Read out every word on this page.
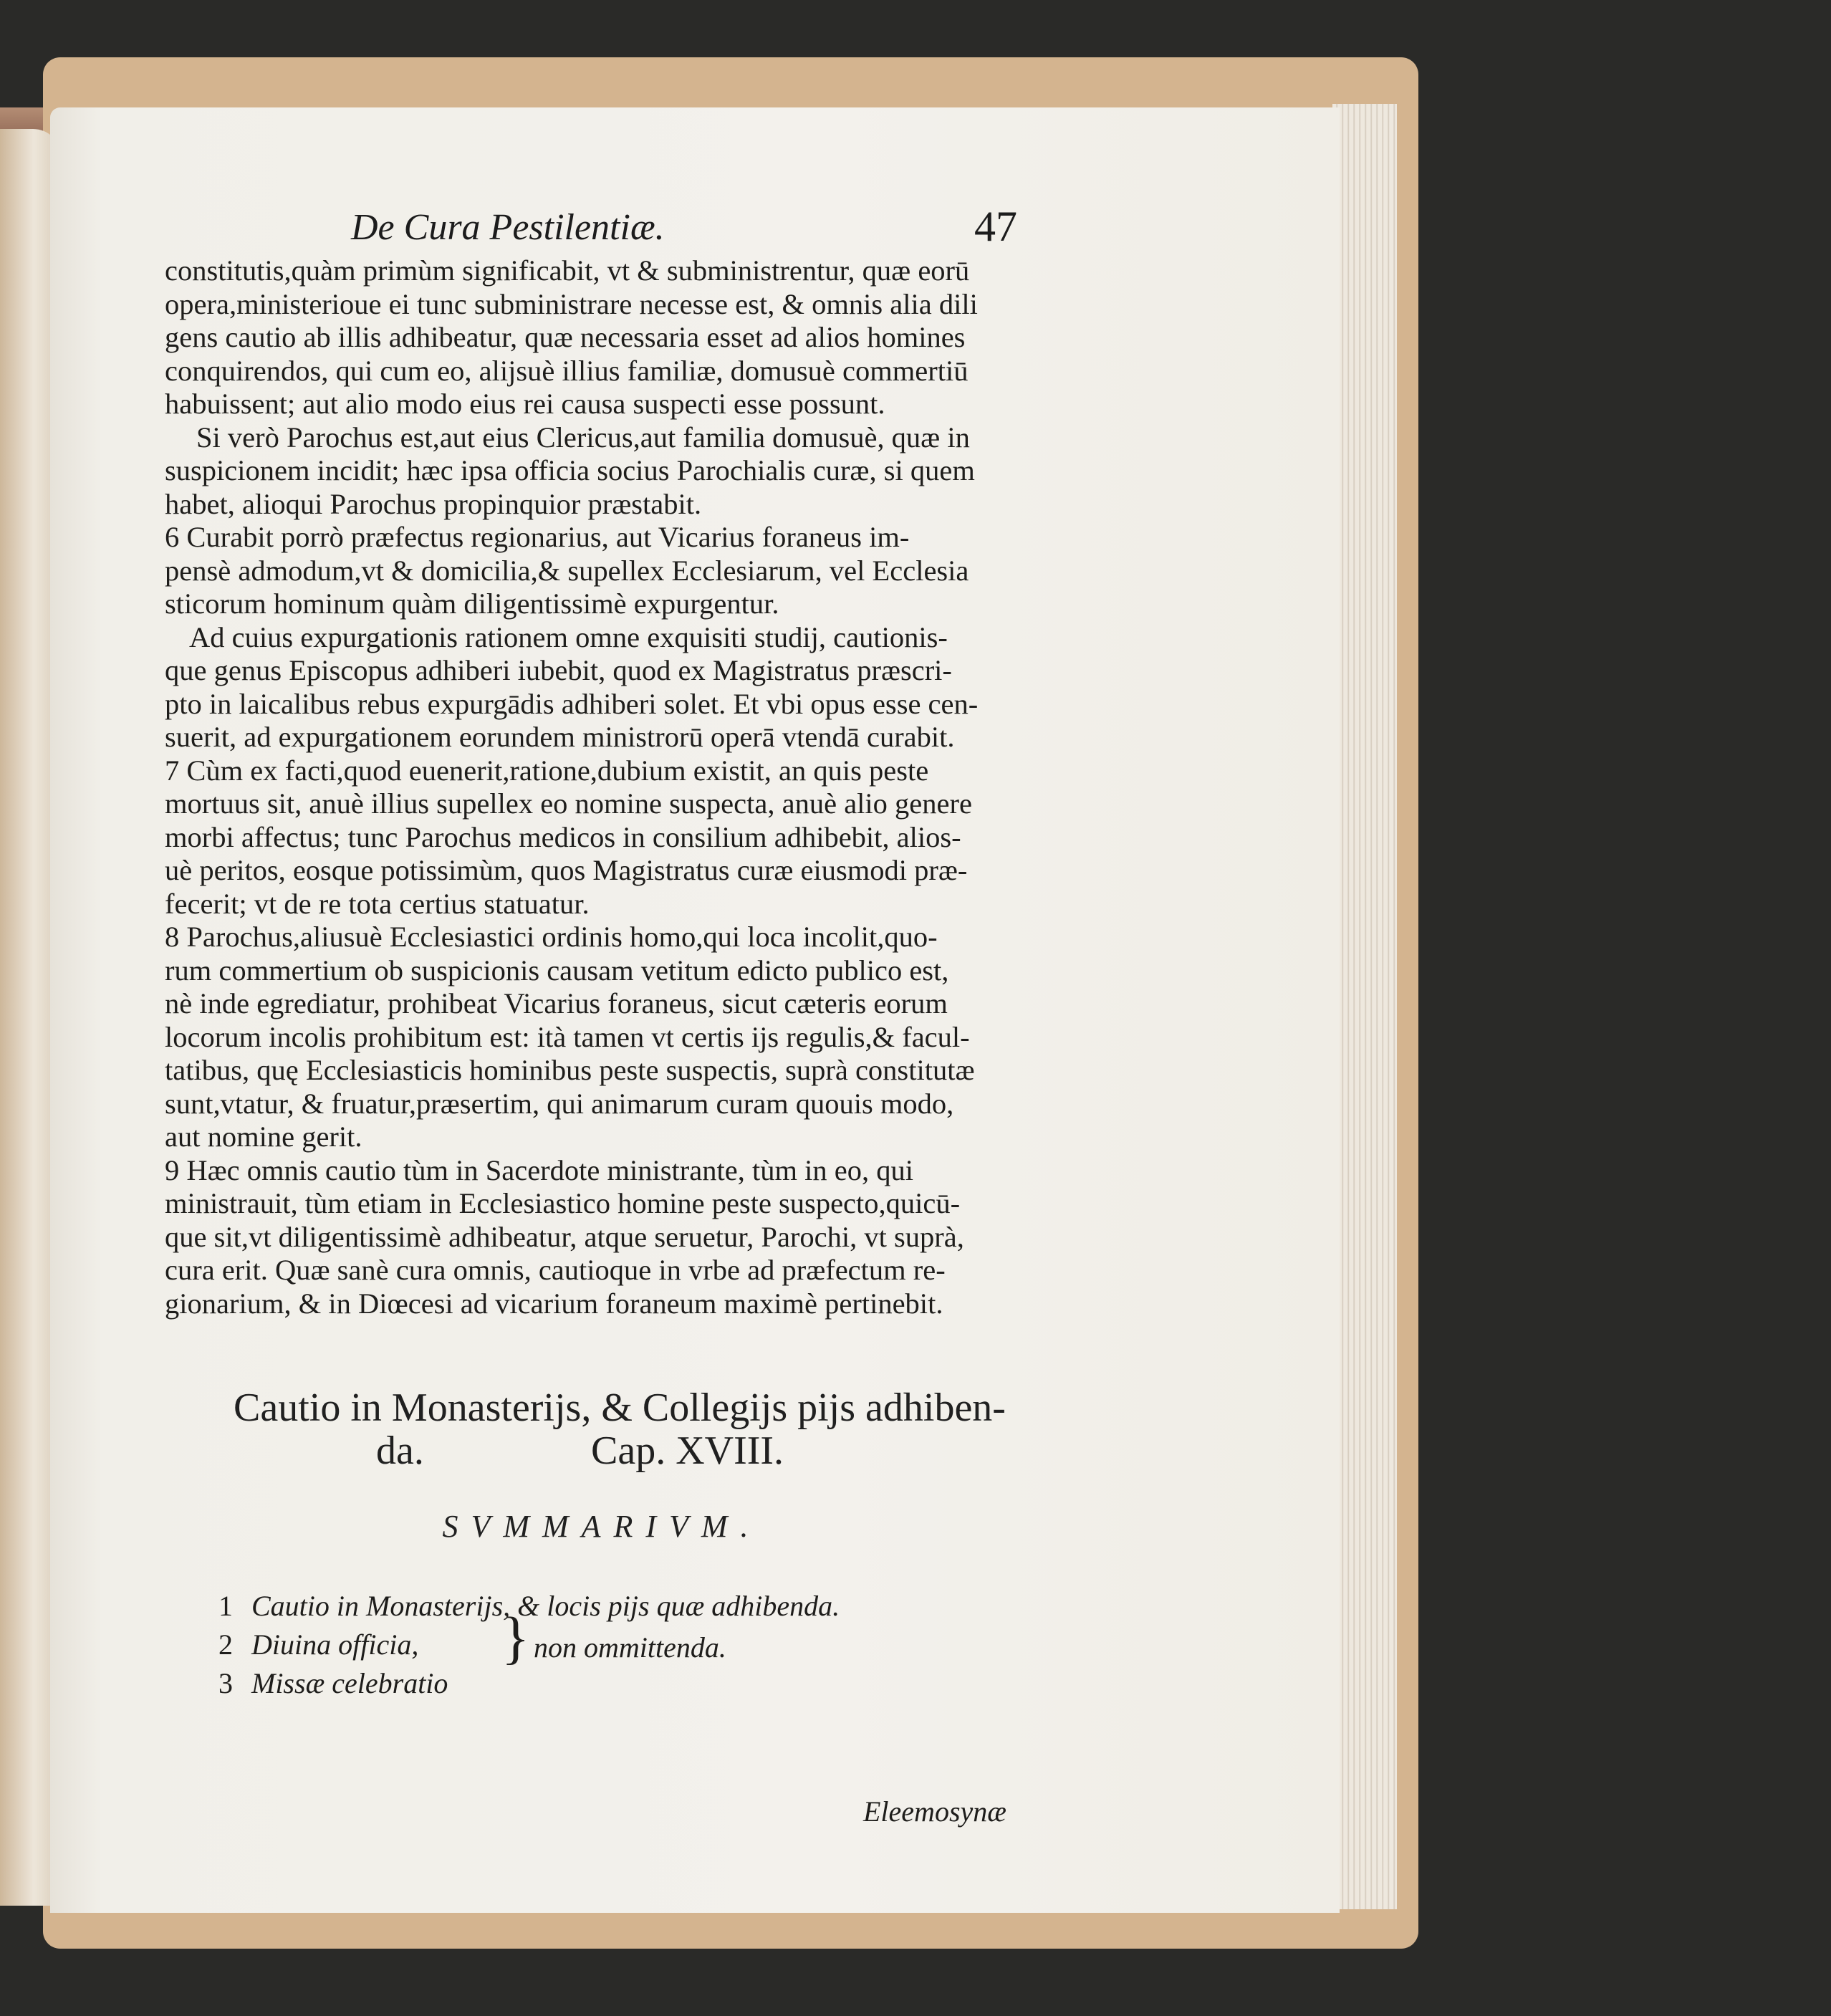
De Cura Pestilentiæ.	47
constitutis,quàm primùm significabit, vt & subministrentur, quæ eorū
opera,ministerioue ei tunc subministrare necesse est, & omnis alia dili
gens cautio ab illis adhibeatur, quæ necessaria esset ad alios homines
conquirendos, qui cum eo, alijsuè illius familiæ, domusuè commertiū
habuissent; aut alio modo eius rei causa suspecti esse possunt.
Si verò Parochus est,aut eius Clericus,aut familia domusuè, quæ in
suspicionem incidit; hæc ipsa officia socius Parochialis curæ, si quem
habet, alioqui Parochus propinquior præstabit.
6 Curabit porrò præfectus regionarius, aut Vicarius foraneus im-
pensè admodum,vt & domicilia,& supellex Ecclesiarum, vel Ecclesia
sticorum hominum quàm diligentissimè expurgentur.
Ad cuius expurgationis rationem omne exquisiti studij, cautionis-
que genus Episcopus adhiberi iubebit, quod ex Magistratus præscri-
pto in laicalibus rebus expurgādis adhiberi solet. Et vbi opus esse cen-
suerit, ad expurgationem eorundem ministrorū operā vtendā curabit.
7 Cùm ex facti,quod euenerit,ratione,dubium existit, an quis peste
mortuus sit, anuè illius supellex eo nomine suspecta, anuè alio genere
morbi affectus; tunc Parochus medicos in consilium adhibebit, alios-
uè peritos, eosque potissimùm, quos Magistratus curæ eiusmodi præ-
fecerit; vt de re tota certius statuatur.
8 Parochus,aliusuè Ecclesiastici ordinis homo,qui loca incolit,quo-
rum commertium ob suspicionis causam vetitum edicto publico est,
nè inde egrediatur, prohibeat Vicarius foraneus, sicut cæteris eorum
locorum incolis prohibitum est: ità tamen vt certis ijs regulis,& facul-
tatibus, quę Ecclesiasticis hominibus peste suspectis, suprà constitutæ
sunt,vtatur, & fruatur,præsertim, qui animarum curam quouis modo,
aut nomine gerit.
9 Hæc omnis cautio tùm in Sacerdote ministrante, tùm in eo, qui
ministrauit, tùm etiam in Ecclesiastico homine peste suspecto,quicū-
que sit,vt diligentissimè adhibeatur, atque seruetur, Parochi, vt suprà,
cura erit. Quæ sanè cura omnis, cautioque in vrbe ad præfectum re-
gionarium, & in Diœcesi ad vicarium foraneum maximè pertinebit.
Cautio in Monasterijs, & Collegijs pijs adhiben-
da.	Cap. XVIII.
SVMMARIVM.
1 Cautio in Monasterijs, & locis pijs quæ adhibenda.
2 Diuina officia,
3 Missæ celebratio
} non ommittenda.
Eleemosynæ
